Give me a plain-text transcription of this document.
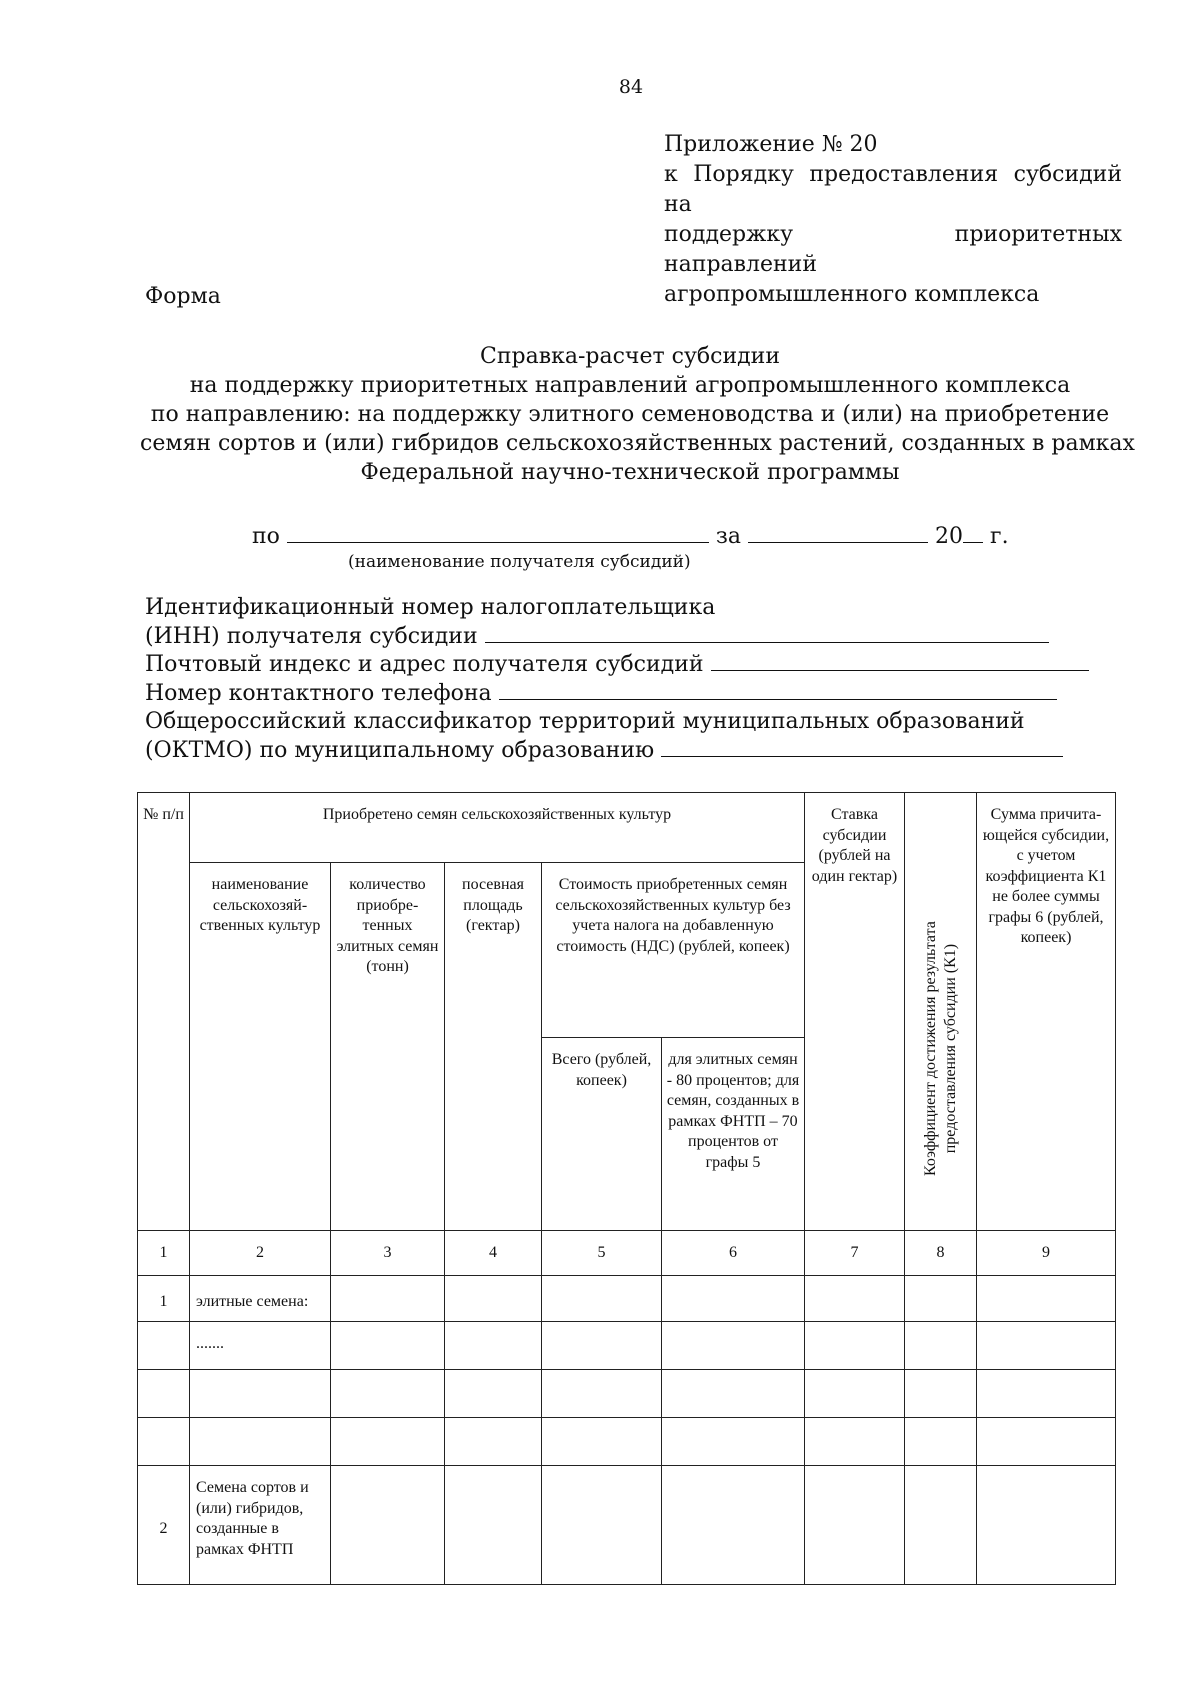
84
Приложение № 20
к Порядку предоставления субсидий на
поддержку приоритетных направлений
агропромышленного комплекса
Форма
Справка-расчет субсидии
на поддержку приоритетных направлений агропромышленного комплекса
по направлению: на поддержку элитного семеноводства и (или) на приобретение
семян сортов и (или) гибридов сельскохозяйственных растений, созданных в рамках
Федеральной научно-технической программы
по	за	20 г.
(наименование получателя субсидий)
Идентификационный номер налогоплательщика
(ИНН) получателя субсидии
Почтовый индекс и адрес получателя субсидий
Номер контактного телефона
Общероссийский классификатор территорий муниципальных образований
(ОКТМО) по муниципальному образованию
№ п/п	Приобретено семян сельскохозяйственных культур					Ставка субсидии (рублей на один гектар)	Коэффициент достижения результата предоставления субсидии (К1)	Сумма причита-ющейся субсидии, с учетом коэффициента К1 не более суммы графы 6 (рублей, копеек)
	наименование сельскохозяй-ственных культур	количество приобре-тенных элитных семян (тонн)	посевная площадь (гектар)	Стоимость приобретенных семян сельскохозяйственных культур без учета налога на добавленную стоимость (НДС) (рублей, копеек)				
				Всего (рублей, копеек)	для элитных семян - 80 процентов; для семян, созданных в рамках ФНТП – 70 процентов от графы 5			
1	2	3	4	5	6	7	8	9
1	элитные семена:							
	.......							

2	Семена сортов и (или) гибридов, созданные в рамках ФНТП							
